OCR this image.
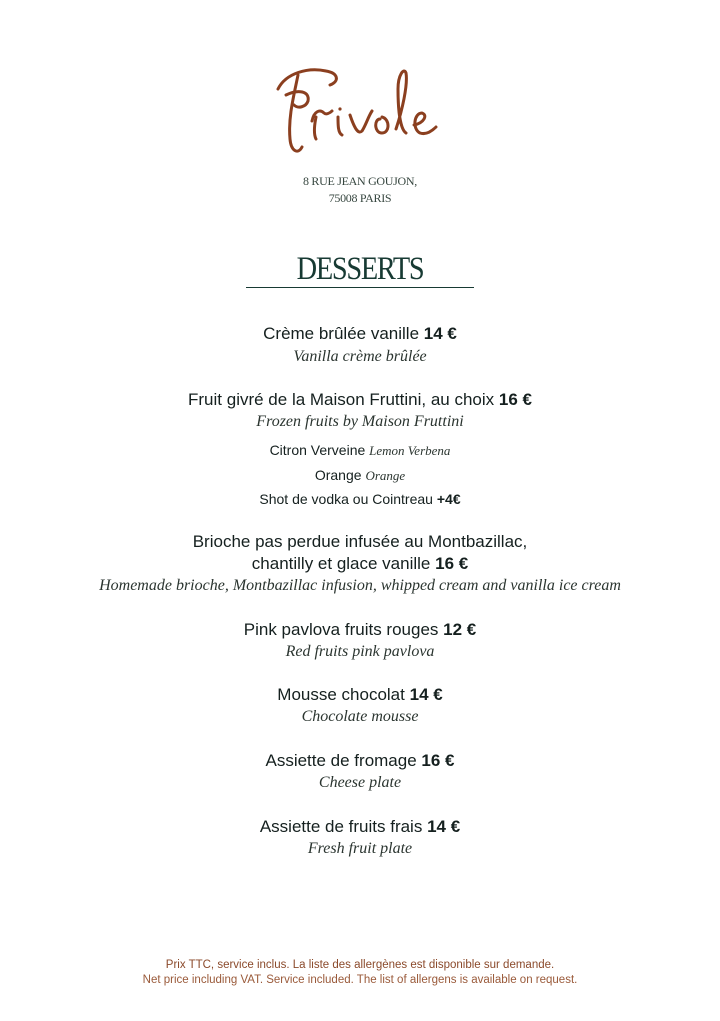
8 RUE JEAN GOUJON,
75008 PARIS
DESSERTS
Crème brûlée vanille 14 €
Vanilla crème brûlée
Fruit givré de la Maison Fruttini, au choix 16 €
Frozen fruits by Maison Fruttini
Citron Verveine Lemon Verbena
Orange Orange
Shot de vodka ou Cointreau +4€
Brioche pas perdue infusée au Montbazillac,
chantilly et glace vanille 16 €
Homemade brioche, Montbazillac infusion, whipped cream and vanilla ice cream
Pink pavlova fruits rouges 12 €
Red fruits pink pavlova
Mousse chocolat 14 €
Chocolate mousse
Assiette de fromage 16 €
Cheese plate
Assiette de fruits frais 14 €
Fresh fruit plate
Prix TTC, service inclus. La liste des allergènes est disponible sur demande.
Net price including VAT. Service included. The list of allergens is available on request.
